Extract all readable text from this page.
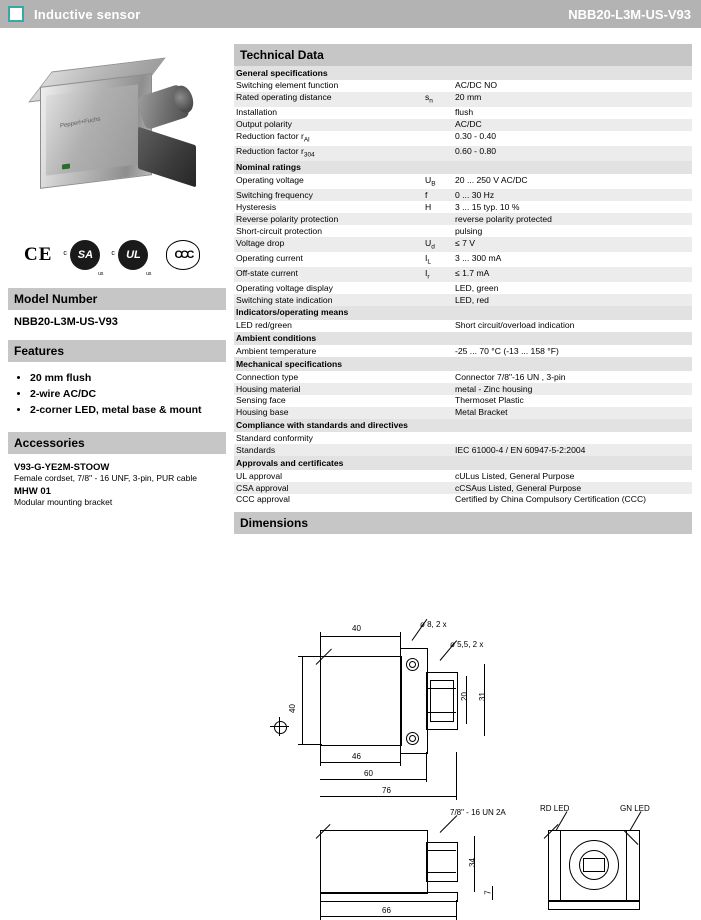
Inductive sensor	NBB20-L3M-US-V93
Pepperl+Fuchs
CE SA
c
us
UL
c
us
CCC
Model Number
NBB20-L3M-US-V93
Features
• 20 mm flush
• 2-wire AC/DC
• 2-corner LED, metal base & mount
Accessories
V93-G-YE2M-STOOW
Female cordset, 7/8" - 16 UNF, 3-pin, PUR cable
MHW 01
Modular mounting bracket
Technical Data
General specifications		
Switching element function		AC/DC NO
Rated operating distance	$s_n$	20 mm
Installation		flush
Output polarity		AC/DC
Reduction factor $r_{Al}$		0.30 - 0.40
Reduction factor $r_{304}$		0.60 - 0.80
Nominal ratings		
Operating voltage	$U_B$	20 ... 250 V AC/DC
Switching frequency	f	0 ... 30 Hz
Hysteresis	H	3 ... 15 typ. 10 %
Reverse polarity protection		reverse polarity protected
Short-circuit protection		pulsing
Voltage drop	$U_d$	≤ 7 V
Operating current	$I_L$	3 ... 300 mA
Off-state current	$I_r$	≤ 1.7 mA
Operating voltage display		LED, green
Switching state indication		LED, red
Indicators/operating means		
LED red/green		Short circuit/overload indication
Ambient conditions		
Ambient temperature		-25 ... 70 °C (-13 ... 158 °F)
Mechanical specifications		
Connection type		Connector 7/8"-16 UN , 3-pin
Housing material		metal - Zinc housing
Sensing face		Thermoset Plastic
Housing base		Metal Bracket
Compliance with standards and directives		
Standard conformity		
Standards		IEC 61000-4 / EN 60947-5-2:2004
Approvals and certificates		
UL approval		cULus Listed, General Purpose
CSA approval		cCSAus Listed, General Purpose
CCC approval		Certified by China Compulsory Certification (CCC)
Dimensions
ø 8, 2 x
ø 5,5, 2 x
40
40
20 31
46
60
76
7/8" - 16 UN 2A
34
7
66
RD LED	GN LED
